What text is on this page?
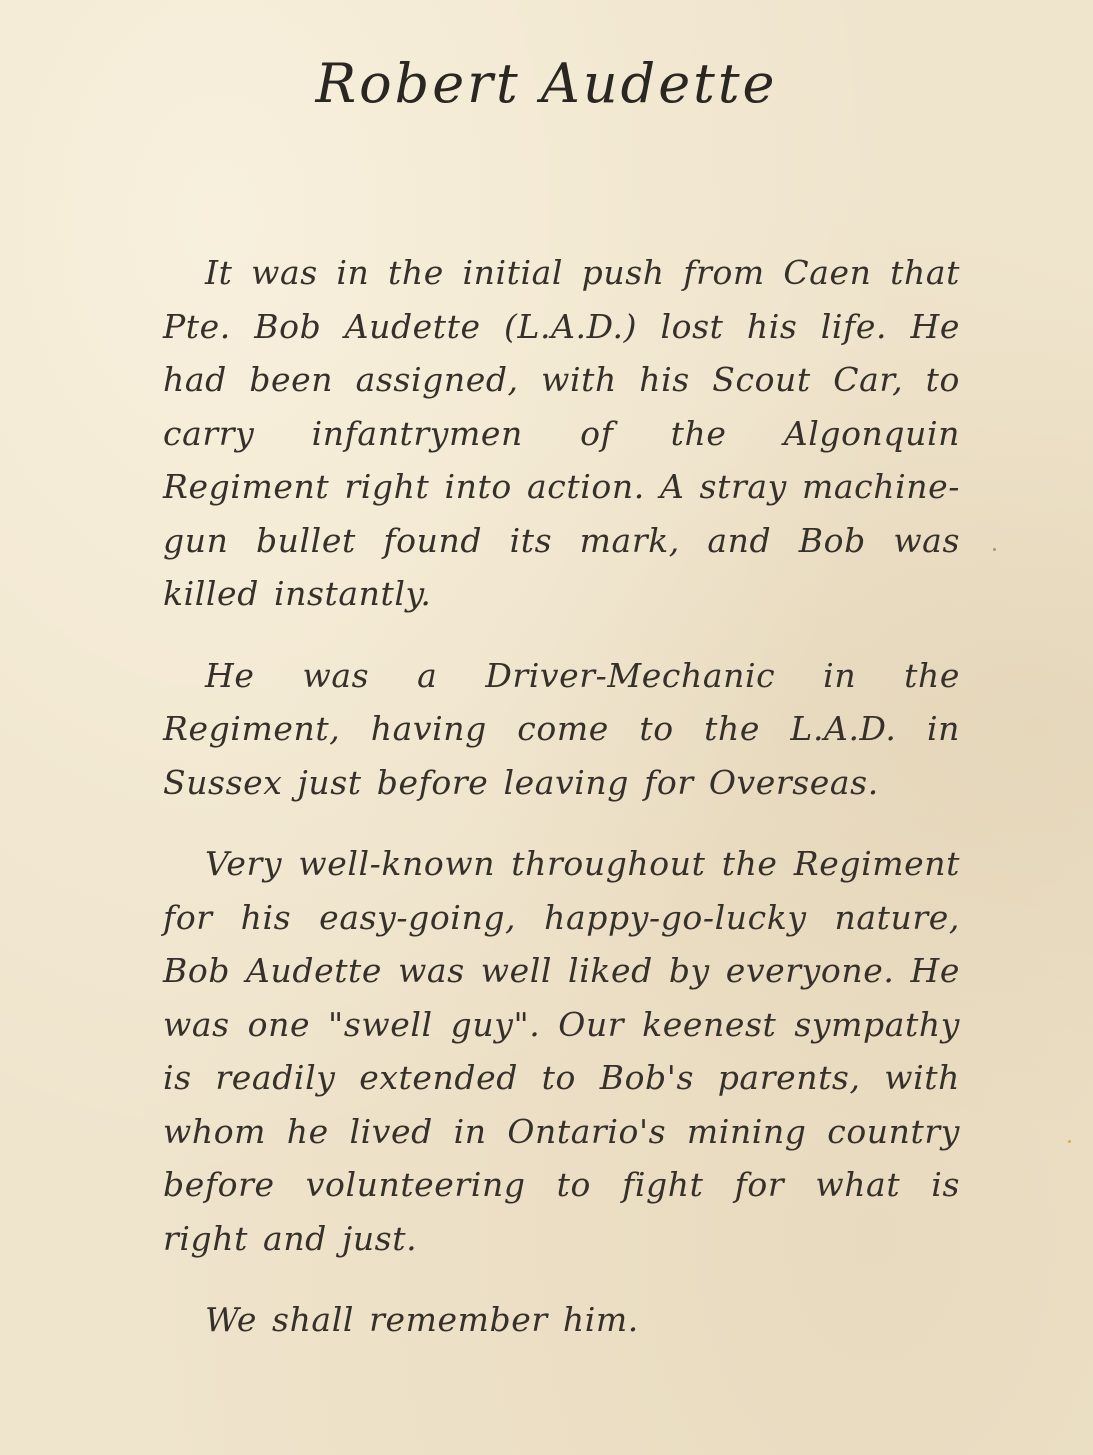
Robert Audette

It was in the initial push from Caen that Pte. Bob Audette (L.A.D.) lost his life. He had been assigned, with his Scout Car, to carry infantrymen of the Algonquin Regiment right into action. A stray machine-gun bullet found its mark, and Bob was killed instantly.

He was a Driver-Mechanic in the Regiment, having come to the L.A.D. in Sussex just before leaving for Overseas.

Very well-known throughout the Regiment for his easy-going, happy-go-lucky nature, Bob Audette was well liked by everyone. He was one "swell guy". Our keenest sympathy is readily extended to Bob's parents, with whom he lived in Ontario's mining country before volunteering to fight for what is right and just.

We shall remember him.
